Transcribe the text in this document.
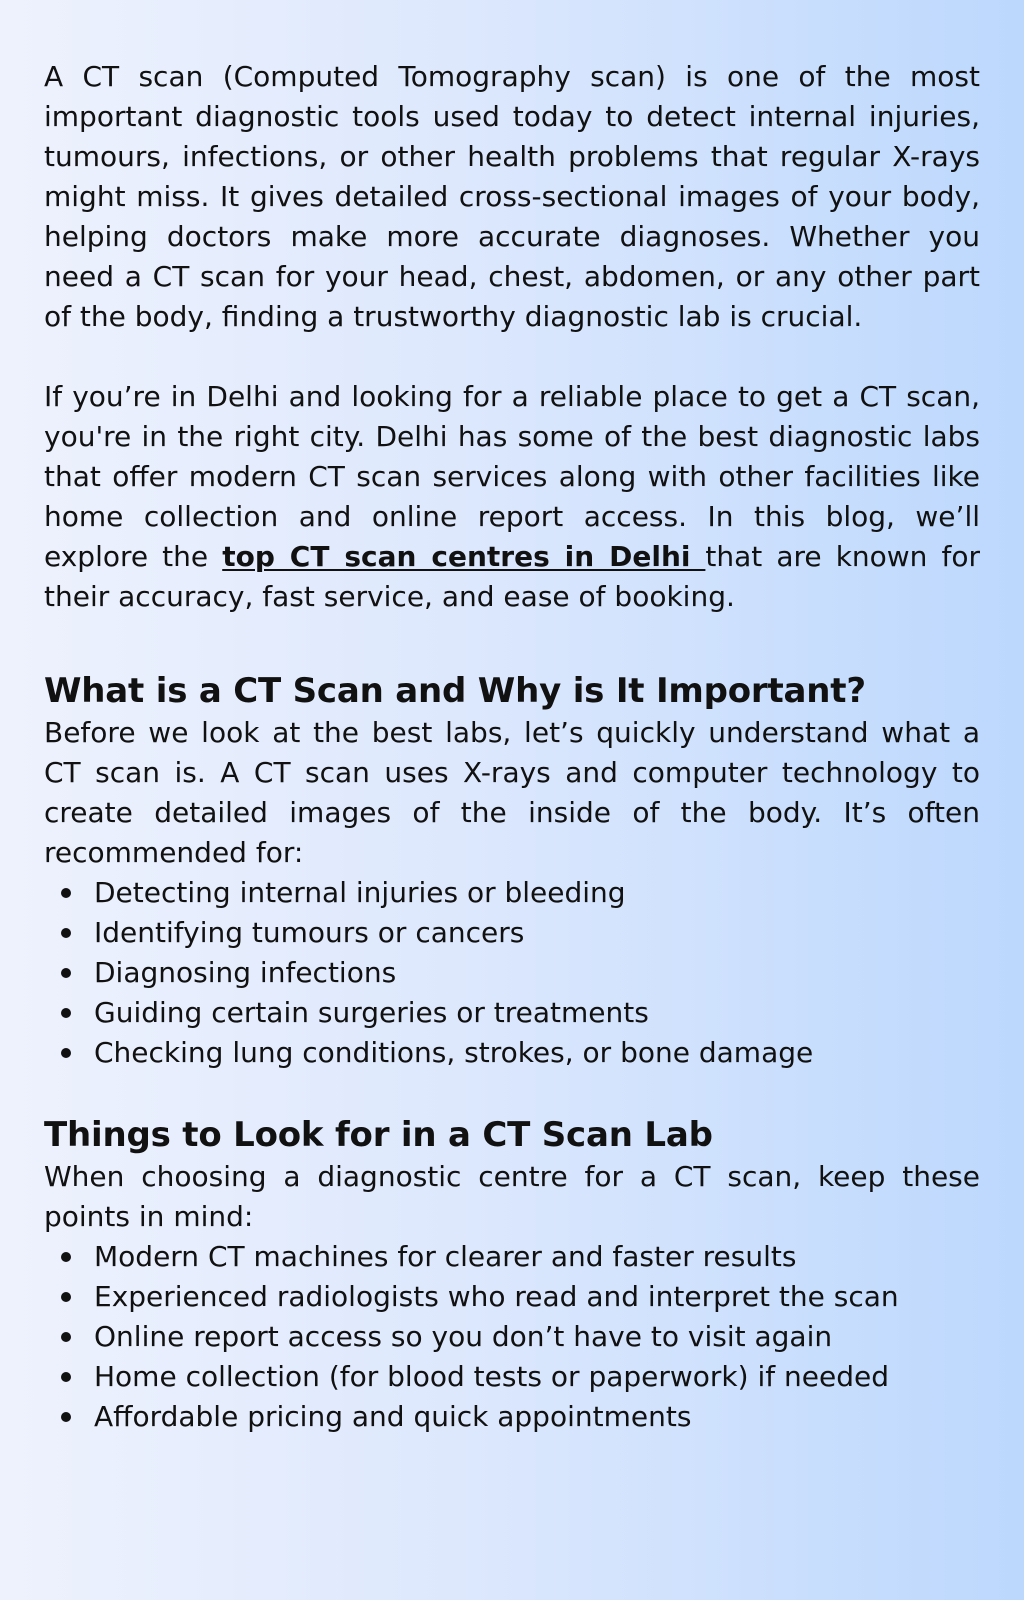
A CT scan (Computed Tomography scan) is one of the most important diagnostic tools used today to detect internal injuries, tumours, infections, or other health problems that regular X-rays might miss. It gives detailed cross-sectional images of your body, helping doctors make more accurate diagnoses. Whether you need a CT scan for your head, chest, abdomen, or any other part of the body, finding a trustworthy diagnostic lab is crucial.

If you’re in Delhi and looking for a reliable place to get a CT scan, you're in the right city. Delhi has some of the best diagnostic labs that offer modern CT scan services along with other facilities like home collection and online report access. In this blog, we’ll explore the top CT scan centres in Delhi that are known for their accuracy, fast service, and ease of booking.

What is a CT Scan and Why is It Important?

Before we look at the best labs, let’s quickly understand what a CT scan is. A CT scan uses X-rays and computer technology to create detailed images of the inside of the body. It’s often recommended for:

Detecting internal injuries or bleeding
Identifying tumours or cancers
Diagnosing infections
Guiding certain surgeries or treatments
Checking lung conditions, strokes, or bone damage
Things to Look for in a CT Scan Lab

When choosing a diagnostic centre for a CT scan, keep these points in mind:

Modern CT machines for clearer and faster results
Experienced radiologists who read and interpret the scan
Online report access so you don’t have to visit again
Home collection (for blood tests or paperwork) if needed
Affordable pricing and quick appointments
